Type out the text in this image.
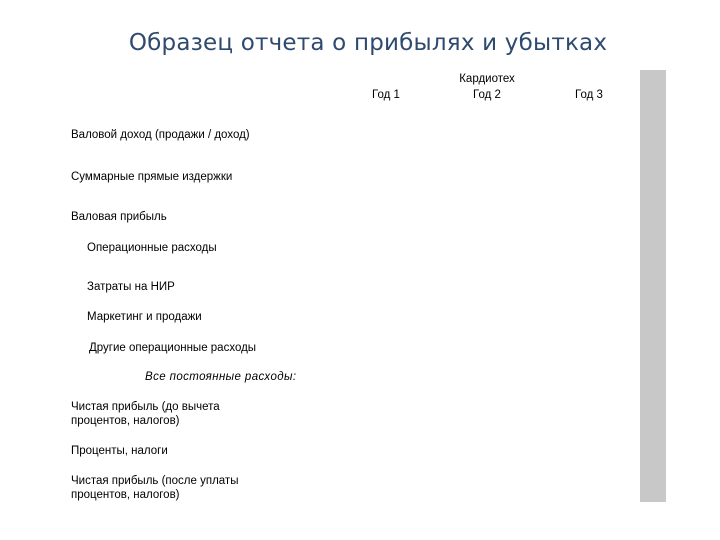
Образец отчета о прибылях и убытках
Год 1
Кардиотех
Год 2	Год 3
Валовой доход (продажи / доход)
Суммарные прямые издержки
Валовая прибыль
Операционные расходы
Затраты на НИР
Маркетинг и продажи
Другие операционные расходы
Все постоянные расходы:
Чистая прибыль (до вычета
процентов, налогов)
Проценты, налоги
Чистая прибыль (после уплаты
процентов, налогов)
